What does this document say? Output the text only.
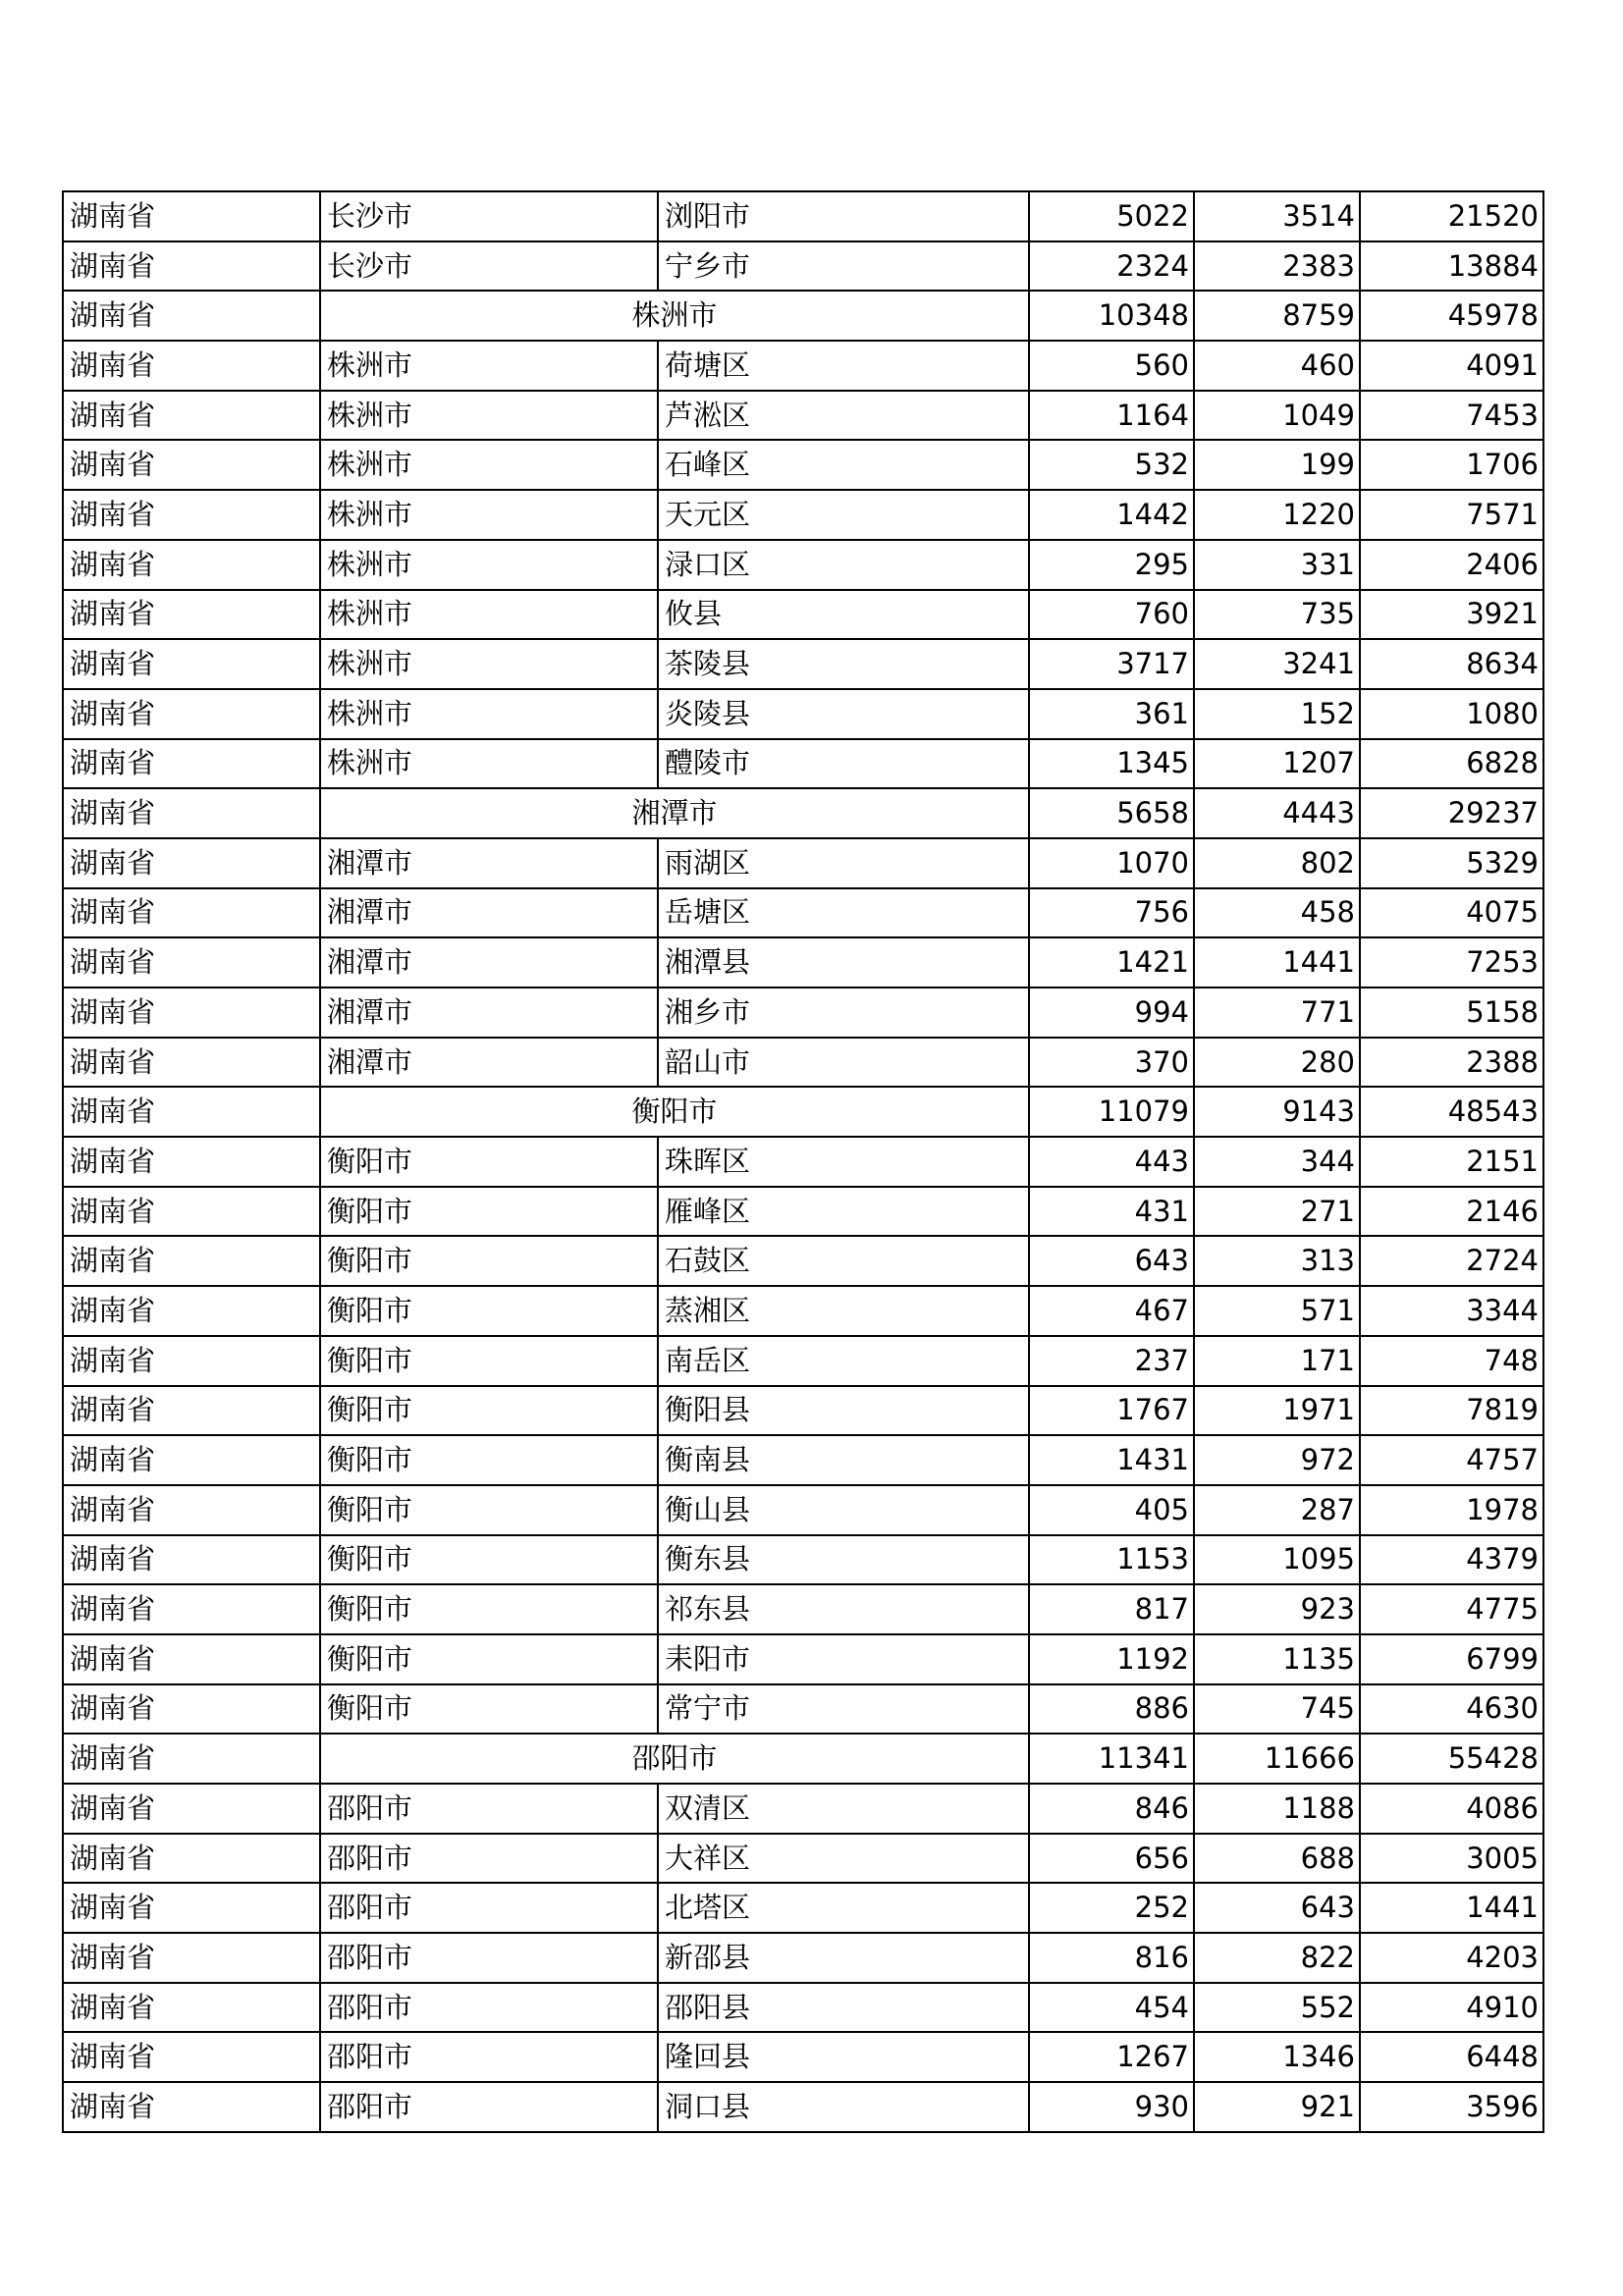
湖南省	长沙市	浏阳市	5022	3514	21520
湖南省	长沙市	宁乡市	2324	2383	13884
湖南省	株洲市		10348	8759	45978
湖南省	株洲市	荷塘区	560	460	4091
湖南省	株洲市	芦淞区	1164	1049	7453
湖南省	株洲市	石峰区	532	199	1706
湖南省	株洲市	天元区	1442	1220	7571
湖南省	株洲市	渌口区	295	331	2406
湖南省	株洲市	攸县	760	735	3921
湖南省	株洲市	茶陵县	3717	3241	8634
湖南省	株洲市	炎陵县	361	152	1080
湖南省	株洲市	醴陵市	1345	1207	6828
湖南省	湘潭市		5658	4443	29237
湖南省	湘潭市	雨湖区	1070	802	5329
湖南省	湘潭市	岳塘区	756	458	4075
湖南省	湘潭市	湘潭县	1421	1441	7253
湖南省	湘潭市	湘乡市	994	771	5158
湖南省	湘潭市	韶山市	370	280	2388
湖南省	衡阳市		11079	9143	48543
湖南省	衡阳市	珠晖区	443	344	2151
湖南省	衡阳市	雁峰区	431	271	2146
湖南省	衡阳市	石鼓区	643	313	2724
湖南省	衡阳市	蒸湘区	467	571	3344
湖南省	衡阳市	南岳区	237	171	748
湖南省	衡阳市	衡阳县	1767	1971	7819
湖南省	衡阳市	衡南县	1431	972	4757
湖南省	衡阳市	衡山县	405	287	1978
湖南省	衡阳市	衡东县	1153	1095	4379
湖南省	衡阳市	祁东县	817	923	4775
湖南省	衡阳市	耒阳市	1192	1135	6799
湖南省	衡阳市	常宁市	886	745	4630
湖南省	邵阳市		11341	11666	55428
湖南省	邵阳市	双清区	846	1188	4086
湖南省	邵阳市	大祥区	656	688	3005
湖南省	邵阳市	北塔区	252	643	1441
湖南省	邵阳市	新邵县	816	822	4203
湖南省	邵阳市	邵阳县	454	552	4910
湖南省	邵阳市	隆回县	1267	1346	6448
湖南省	邵阳市	洞口县	930	921	3596
